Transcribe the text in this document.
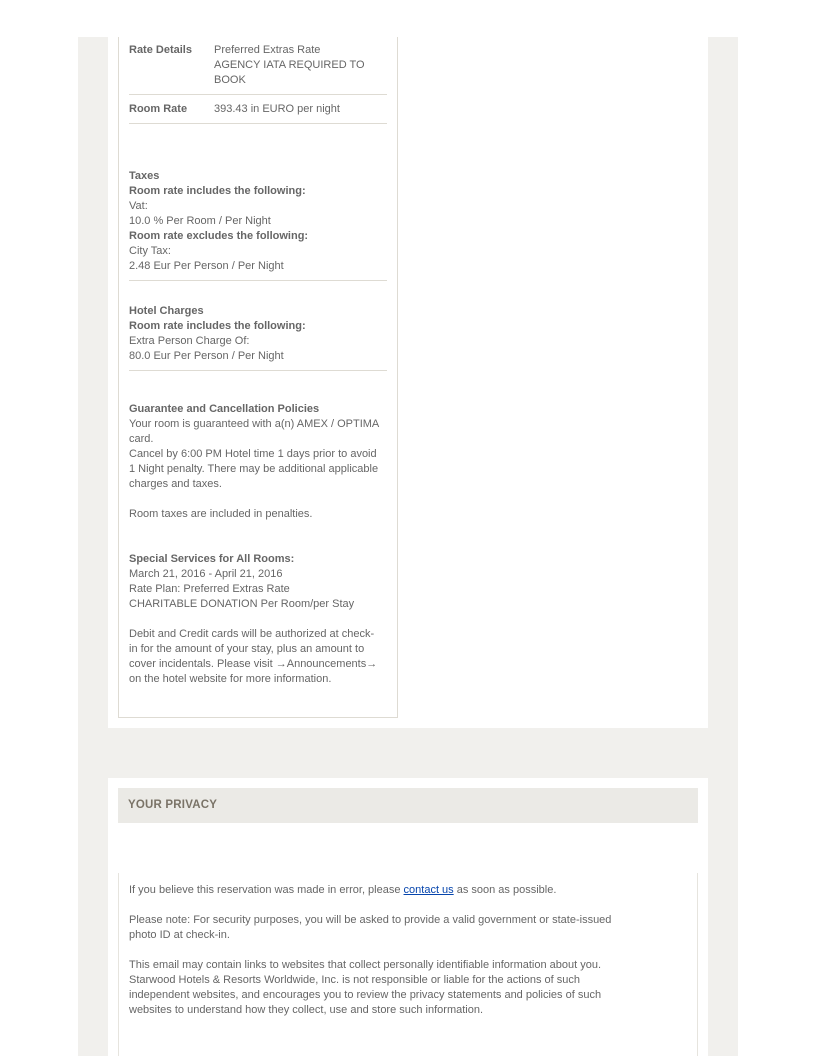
Rate Details	Preferred Extras Rate
AGENCY IATA REQUIRED TO
BOOK
Room Rate	393.43 in EURO per night
Taxes
Room rate includes the following:
Vat:
10.0 % Per Room / Per Night
Room rate excludes the following:
City Tax:
2.48 Eur Per Person / Per Night
Hotel Charges
Room rate includes the following:
Extra Person Charge Of:
80.0 Eur Per Person / Per Night
Guarantee and Cancellation Policies
Your room is guaranteed with a(n) AMEX / OPTIMA
card.
Cancel by 6:00 PM Hotel time 1 days prior to avoid
1 Night penalty. There may be additional applicable
charges and taxes.
Room taxes are included in penalties.
Special Services for All Rooms:
March 21, 2016 - April 21, 2016
Rate Plan: Preferred Extras Rate
CHARITABLE DONATION Per Room/per Stay
Debit and Credit cards will be authorized at check-
in for the amount of your stay, plus an amount to
cover incidentals. Please visit →Announcements→
on the hotel website for more information.
YOUR PRIVACY

If you believe this reservation was made in error, please contact us as soon as possible.

Please note: For security purposes, you will be asked to provide a valid government or state-issued
photo ID at check-in.

This email may contain links to websites that collect personally identifiable information about you.
Starwood Hotels & Resorts Worldwide, Inc. is not responsible or liable for the actions of such
independent websites, and encourages you to review the privacy statements and policies of such
websites to understand how they collect, use and store such information.
